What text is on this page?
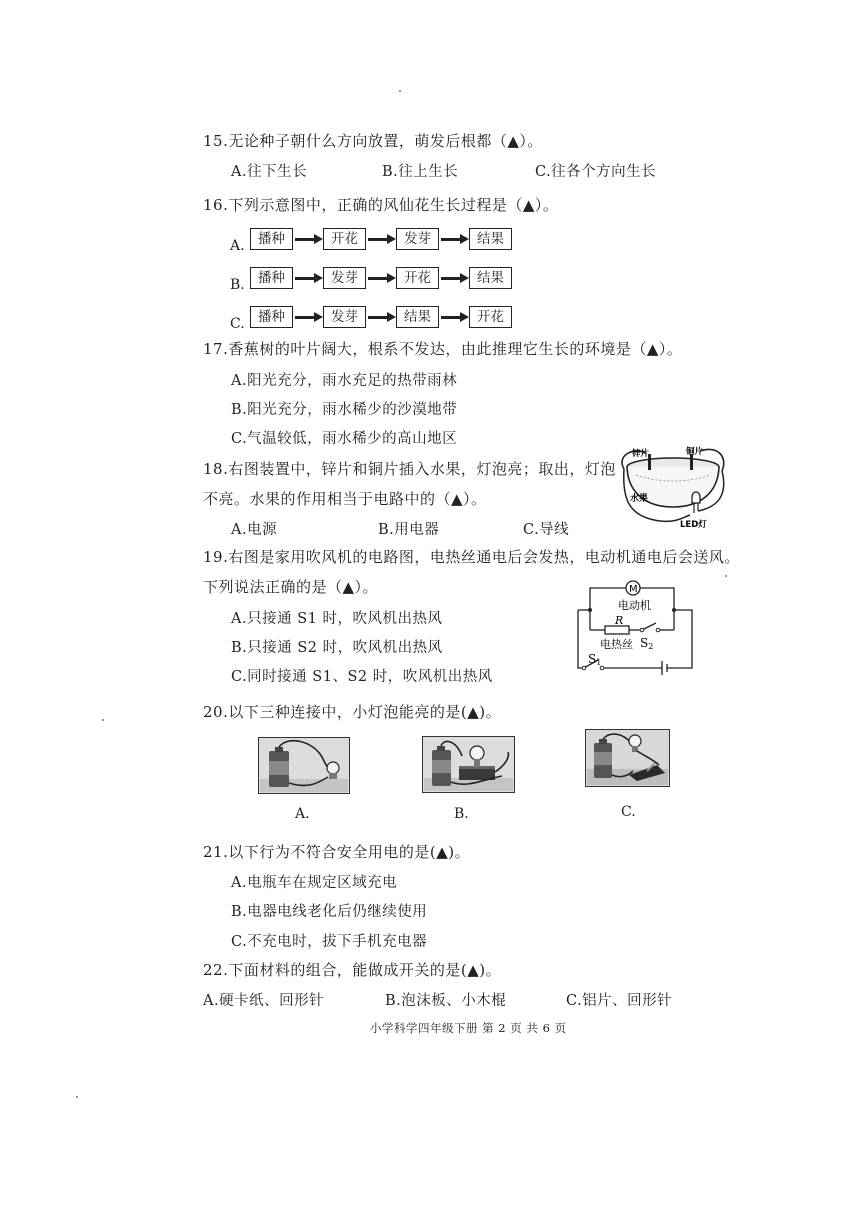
15.无论种子朝什么方向放置，萌发后根都（▲）。
A.往下生长	B.往上生长	C.往各个方向生长
16.下列示意图中，正确的风仙花生长过程是（▲）。
A. 播种	开花	发芽	结果
B. 播种	发芽	开花	结果
C. 播种	发芽	结果	开花
17.香蕉树的叶片阔大，根系不发达，由此推理它生长的环境是（▲）。
A.阳光充分，雨水充足的热带雨林
B.阳光充分，雨水稀少的沙漠地带
C.气温较低，雨水稀少的高山地区
18.右图装置中，锌片和铜片插入水果，灯泡亮；取出，灯泡
不亮。水果的作用相当于电路中的（▲）。
A.电源	B.用电器	C.导线
锌片	铜片
水果
LED灯
19.右图是家用吹风机的电路图，电热丝通电后会发热，电动机通电后会送风。
下列说法正确的是（▲）。
A.只接通 S1 时，吹风机出热风
B.只接通 S2 时，吹风机出热风
C.同时接通 S1、S2 时，吹风机出热风
M
电动机
R
电热丝 S2
S1
20.以下三种连接中，小灯泡能亮的是(▲)。
A.	B.	C.
21.以下行为不符合安全用电的是(▲)。
A.电瓶车在规定区域充电
B.电器电线老化后仍继续使用
C.不充电时，拔下手机充电器
22.下面材料的组合，能做成开关的是(▲)。
A.硬卡纸、回形针	B.泡沫板、小木棍	C.铝片、回形针
小学科学四年级下册 第 2 页 共 6 页
